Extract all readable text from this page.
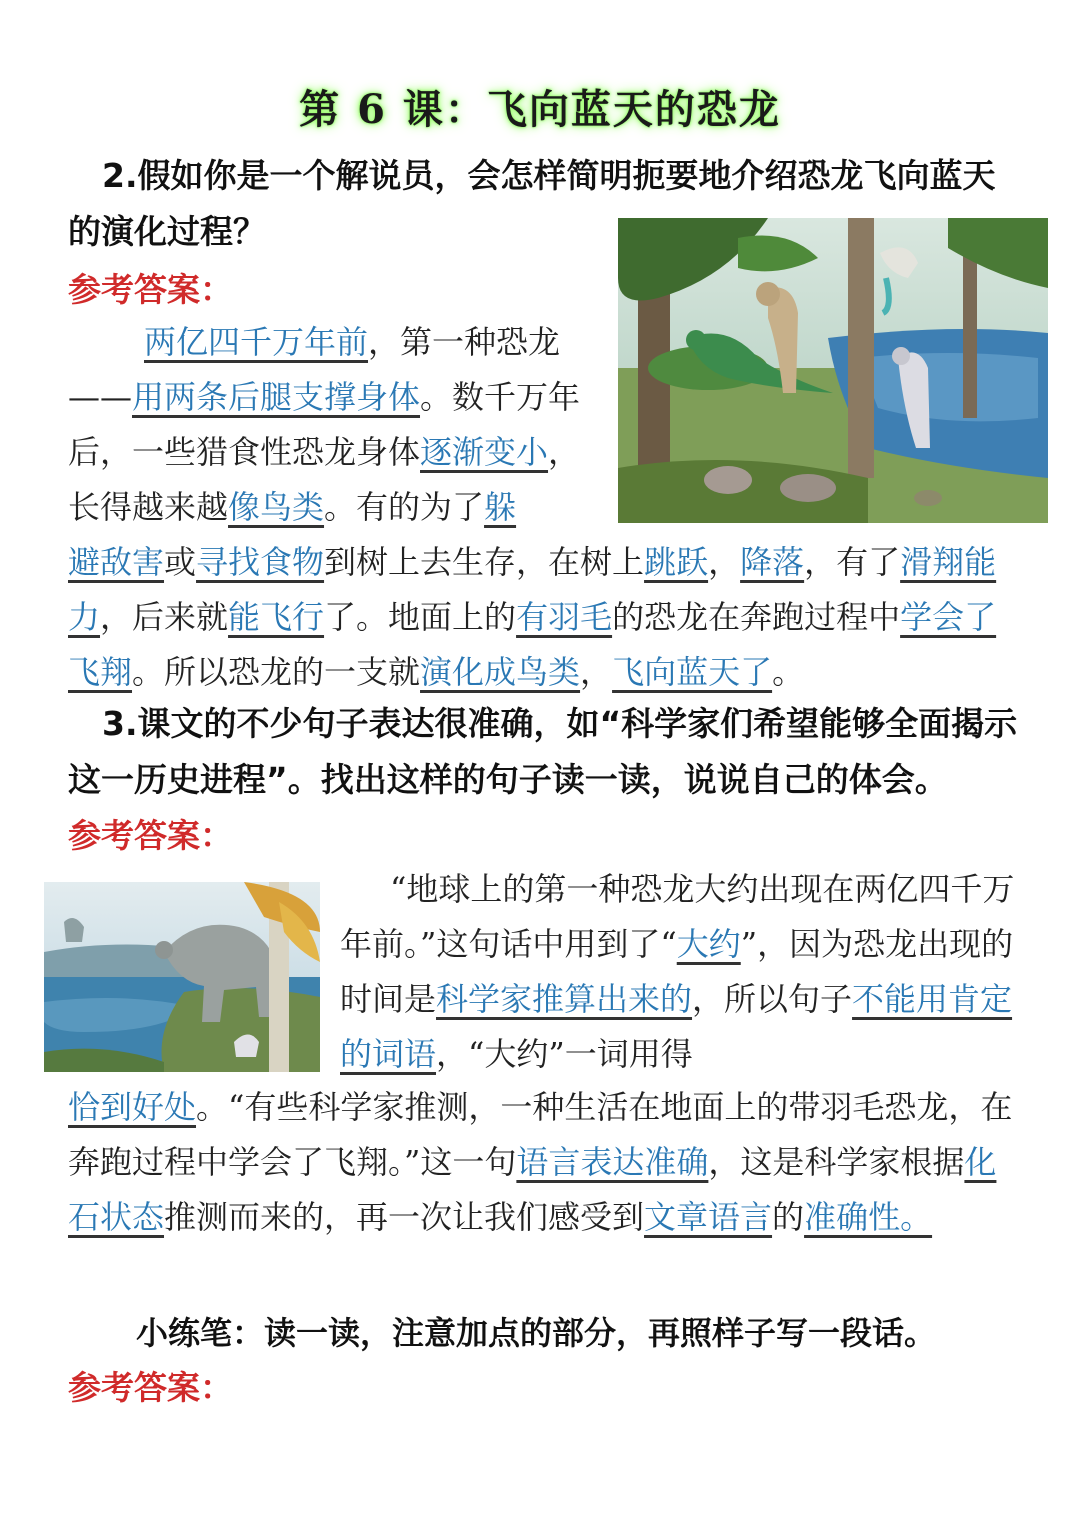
第 6 课：飞向蓝天的恐龙

2.假如你是一个解说员，会怎样简明扼要地介绍恐龙飞向蓝天的演化过程？

参考答案：

两亿四千万年前，第一种恐龙——用两条后腿支撑身体。数千万年后，一些猎食性恐龙身体逐渐变小，长得越来越像鸟类。有的为了躲

避敌害或寻找食物到树上去生存，在树上跳跃，降落，有了滑翔能力，后来就能飞行了。地面上的有羽毛的恐龙在奔跑过程中学会了飞翔。所以恐龙的一支就演化成鸟类，飞向蓝天了。

3.课文的不少句子表达很准确，如“科学家们希望能够全面揭示这一历史进程”。找出这样的句子读一读，说说自己的体会。

参考答案：

“地球上的第一种恐龙大约出现在两亿四千万年前。”这句话中用到了“大约”，因为恐龙出现的时间是科学家推算出来的，所以句子不能用肯定的词语，“大约”一词用得

恰到好处。“有些科学家推测，一种生活在地面上的带羽毛恐龙，在奔跑过程中学会了飞翔。”这一句语言表达准确，这是科学家根据化石状态推测而来的，再一次让我们感受到文章语言的准确性。

小练笔：读一读，注意加点的部分，再照样子写一段话。

参考答案：
